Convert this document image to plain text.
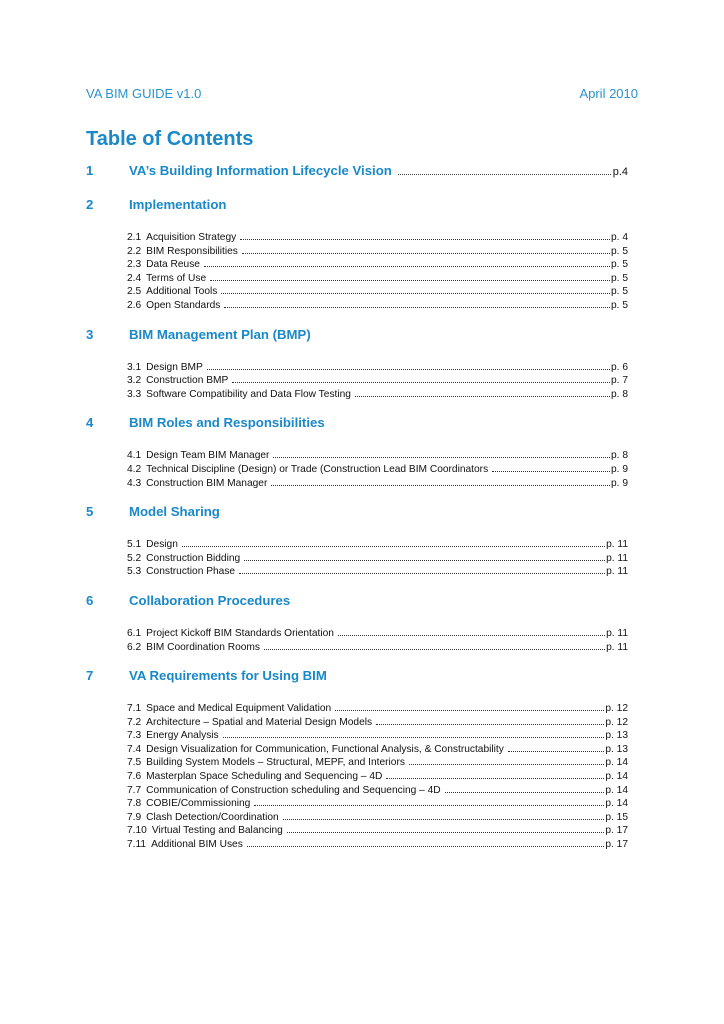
VA BIM GUIDE v1.0	April 2010
Table of Contents
1	VA’s Building Information Lifecycle Vision	p.4
2	Implementation
2.1 Acquisition Strategy	p. 4
2.2 BIM Responsibilities	p. 5
2.3 Data Reuse	p. 5
2.4 Terms of Use	p. 5
2.5 Additional Tools	p. 5
2.6 Open Standards	p. 5
3	BIM Management Plan (BMP)
3.1 Design BMP	p. 6
3.2 Construction BMP	p. 7
3.3 Software Compatibility and Data Flow Testing	p. 8
4	BIM Roles and Responsibilities
4.1 Design Team BIM Manager	p. 8
4.2 Technical Discipline (Design) or Trade (Construction Lead BIM Coordinators	p. 9
4.3 Construction BIM Manager	p. 9
5	Model Sharing
5.1 Design	p. 11
5.2 Construction Bidding	p. 11
5.3 Construction Phase	p. 11
6	Collaboration Procedures
6.1 Project Kickoff BIM Standards Orientation	p. 11
6.2 BIM Coordination Rooms	p. 11
7	VA Requirements for Using BIM
7.1 Space and Medical Equipment Validation	p. 12
7.2 Architecture – Spatial and Material Design Models	p. 12
7.3 Energy Analysis	p. 13
7.4 Design Visualization for Communication, Functional Analysis, & Constructability	p. 13
7.5 Building System Models – Structural, MEPF, and Interiors	p. 14
7.6 Masterplan Space Scheduling and Sequencing – 4D	p. 14
7.7 Communication of Construction scheduling and Sequencing – 4D	p. 14
7.8 COBIE/Commissioning	p. 14
7.9 Clash Detection/Coordination	p. 15
7.10 Virtual Testing and Balancing	p. 17
7.11 Additional BIM Uses	p. 17
